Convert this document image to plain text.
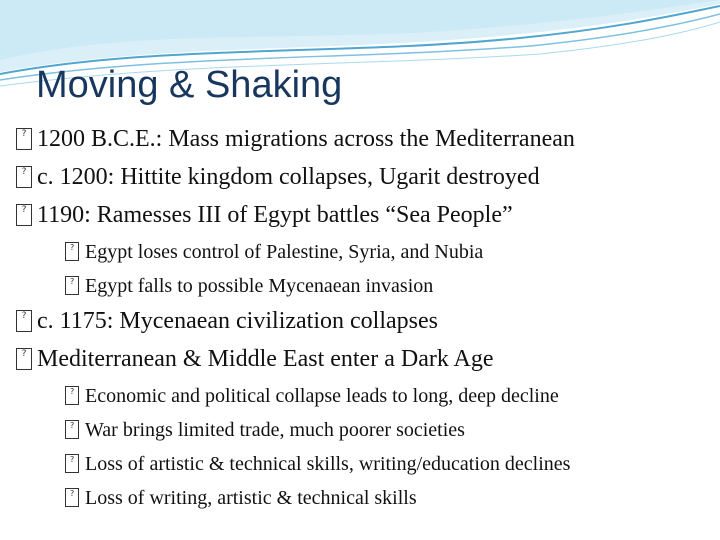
Moving & Shaking
? 1200 B.C.E.: Mass migrations across the Mediterranean
? c. 1200: Hittite kingdom collapses, Ugarit destroyed
? 1190: Ramesses III of Egypt battles “Sea People”
? Egypt loses control of Palestine, Syria, and Nubia
? Egypt falls to possible Mycenaean invasion
? c. 1175: Mycenaean civilization collapses
? Mediterranean & Middle East enter a Dark Age
? Economic and political collapse leads to long, deep decline
? War brings limited trade, much poorer societies
? Loss of artistic & technical skills, writing/education declines
? Loss of writing, artistic & technical skills
